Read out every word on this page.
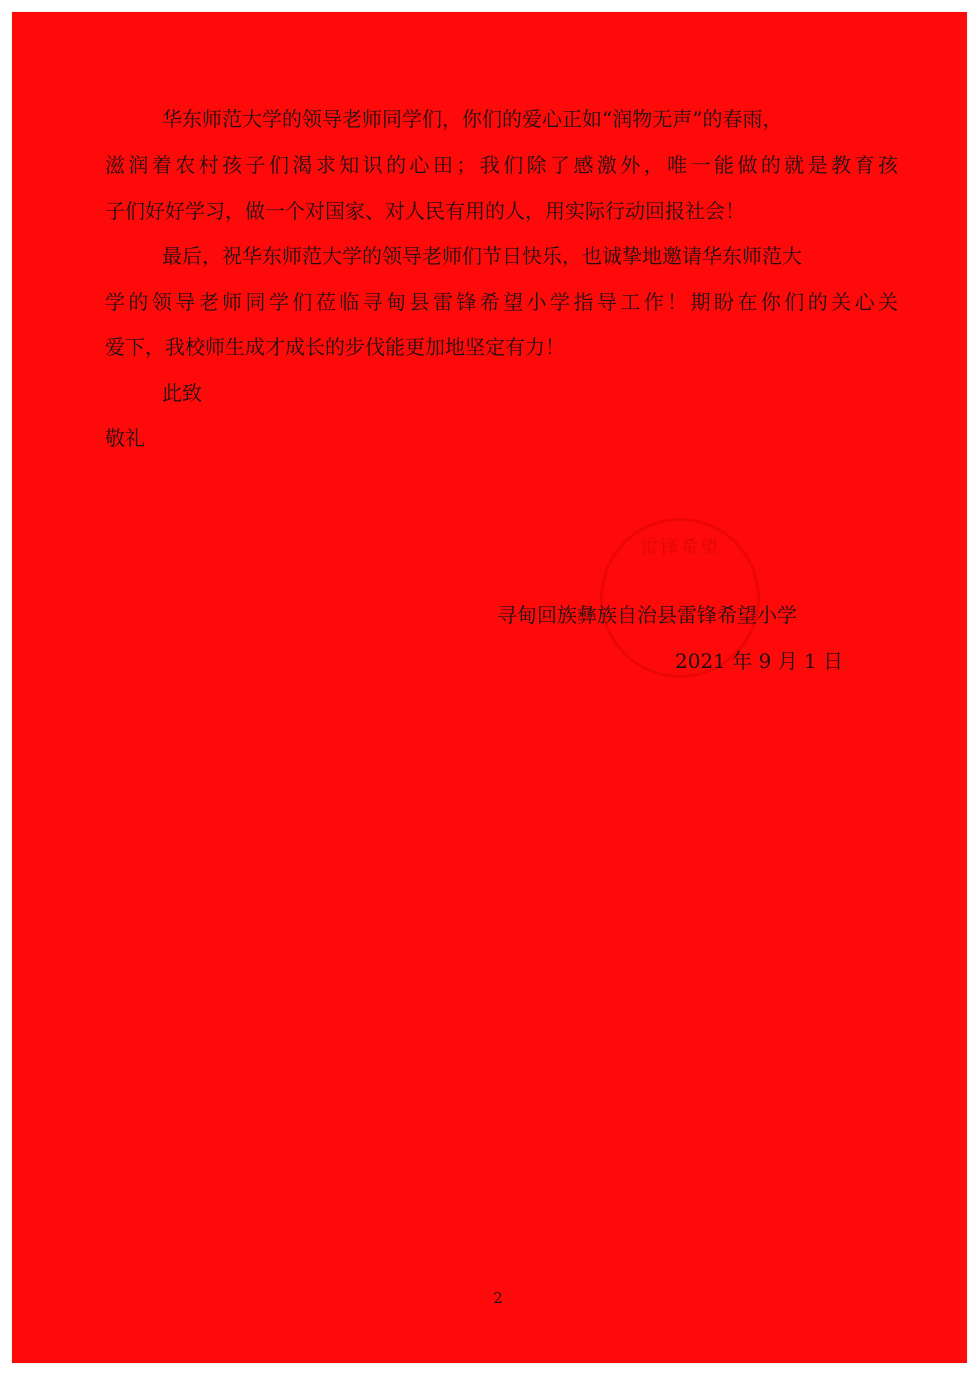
华东师范大学的领导老师同学们，你们的爱心正如“润物无声”的春雨，
滋润着农村孩子们渴求知识的心田；我们除了感激外，唯一能做的就是教育孩
子们好好学习，做一个对国家、对人民有用的人，用实际行动回报社会！
最后，祝华东师范大学的领导老师们节日快乐，也诚挚地邀请华东师范大
学的领导老师同学们莅临寻甸县雷锋希望小学指导工作！期盼在你们的关心关
爱下，我校师生成才成长的步伐能更加地坚定有力！
此致
敬礼
雷锋希望
寻甸回族彝族自治县雷锋希望小学
2021 年 9 月 1 日
2
